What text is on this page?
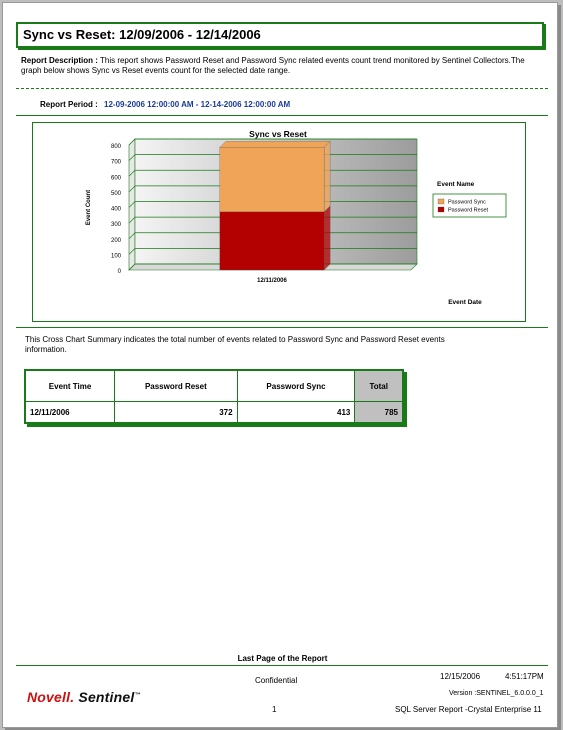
Sync vs Reset: 12/09/2006 - 12/14/2006
Report Description : This report shows Password Reset and Password Sync related events count trend monitored by Sentinel Collectors.The graph below shows Sync vs Reset events count for the selected date range.
Report Period : 12-09-2006 12:00:00 AM - 12-14-2006 12:00:00 AM
0
100
200
300
400
500
600
700
800
12/11/2006
Sync vs Reset
Event Count
Event Date
Event Name
Password Sync
Password Reset
This Cross Chart Summary indicates the total number of events related to Password Sync and Password Reset events information.
Event Time	Password Reset	Password Sync	Total
12/11/2006	372	413	785
Last Page of the Report
Confidential	12/15/2006	4:51:17PM
Version :SENTINEL_6.0.0.0_1
1	SQL Server Report -Crystal Enterprise 11
Novell. Sentinel™
